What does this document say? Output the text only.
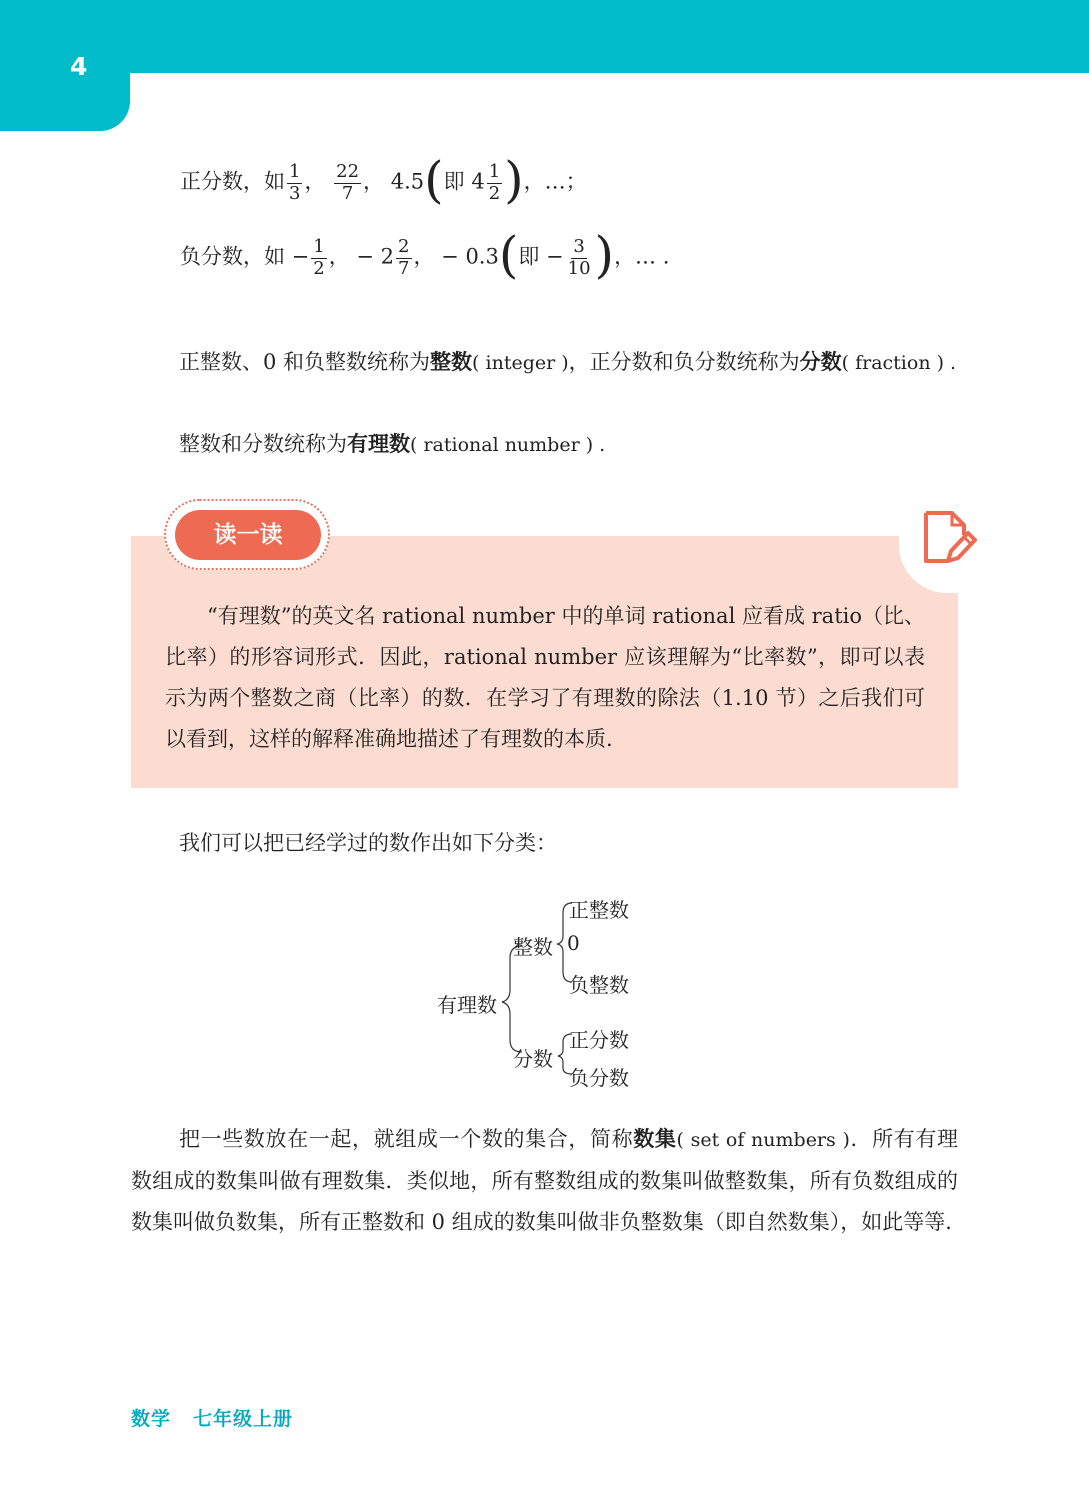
4
正分数，如 $\frac{1}{3}$ ， $\frac{22}{7}$ ， 4.5(即 $4 \frac{1}{2}$ )，…；
负分数，如 − $\frac{1}{2}$ ， − $2 \frac{2}{7}$ ， − 0.3(即 − $\frac{3}{10}$ )，… .
正整数、0 和负整数统称为整数( integer )，正分数和负分数统称为分数( fraction ) .
整数和分数统称为有理数( rational number ) .
读一读
“有理数”的英文名 rational number 中的单词 rational 应看成 ratio（比、比率）的形容词形式．因此，rational number 应该理解为“比率数”，即可以表示为两个整数之商（比率）的数．在学习了有理数的除法（1.10 节）之后我们可以看到，这样的解释准确地描述了有理数的本质.
我们可以把已经学过的数作出如下分类：
有理数
整数
正整数
0
负整数
分数
正分数
负分数
把一些数放在一起，就组成一个数的集合，简称数集( set of numbers )．所有有理数组成的数集叫做有理数集．类似地，所有整数组成的数集叫做整数集，所有负数组成的数集叫做负数集，所有正整数和 0 组成的数集叫做非负整数集（即自然数集），如此等等.
数学 七年级上册
